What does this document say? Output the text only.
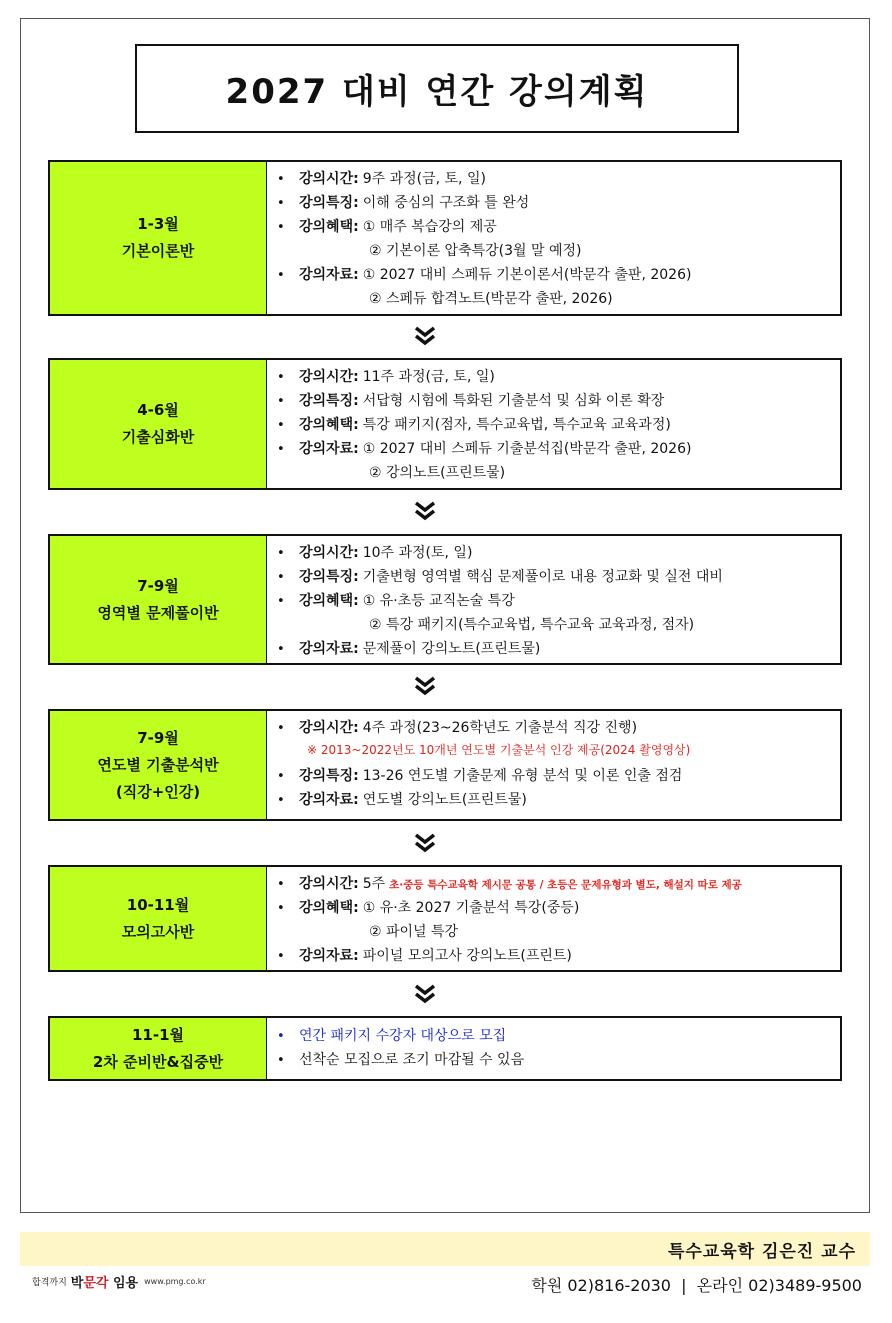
2027 대비 연간 강의계획
1-3월
기본이론반
•	강의시간: 9주 과정(금, 토, 일)
•	강의특징: 이해 중심의 구조화 틀 완성
•	강의혜택: ① 매주 복습강의 제공
② 기본이론 압축특강(3월 말 예정)
•	강의자료: ① 2027 대비 스페듀 기본이론서(박문각 출판, 2026)
② 스페듀 합격노트(박문각 출판, 2026)
4-6월
기출심화반
•	강의시간: 11주 과정(금, 토, 일)
•	강의특징: 서답형 시험에 특화된 기출분석 및 심화 이론 확장
•	강의혜택: 특강 패키지(점자, 특수교육법, 특수교육 교육과정)
•	강의자료: ① 2027 대비 스페듀 기출분석집(박문각 출판, 2026)
② 강의노트(프린트물)
7-9월
영역별 문제풀이반
•	강의시간: 10주 과정(토, 일)
•	강의특징: 기출변형 영역별 핵심 문제풀이로 내용 정교화 및 실전 대비
•	강의혜택: ① 유·초등 교직논술 특강
② 특강 패키지(특수교육법, 특수교육 교육과정, 점자)
•	강의자료: 문제풀이 강의노트(프린트물)
7-9월
연도별 기출분석반
(직강+인강)
•	강의시간: 4주 과정(23~26학년도 기출분석 직강 진행)
※ 2013~2022년도 10개년 연도별 기출분석 인강 제공(2024 촬영영상)
•	강의특징: 13-26 연도별 기출문제 유형 분석 및 이론 인출 점검
•	강의자료: 연도별 강의노트(프린트물)
10-11월
모의고사반
•	강의시간: 5주 초·중등 특수교육학 제시문 공통 / 초등은 문제유형과 별도, 해설지 따로 제공
•	강의혜택: ① 유·초 2027 기출분석 특강(중등)
② 파이널 특강
•	강의자료: 파이널 모의고사 강의노트(프린트)
11-1월
2차 준비반&집중반
•	연간 패키지 수강자 대상으로 모집
•	선착순 모집으로 조기 마감될 수 있음
특수교육학 김은진 교수
합격까지 박문각 임용 www.pmg.co.kr	학원 02)816-2030  |  온라인 02)3489-9500
